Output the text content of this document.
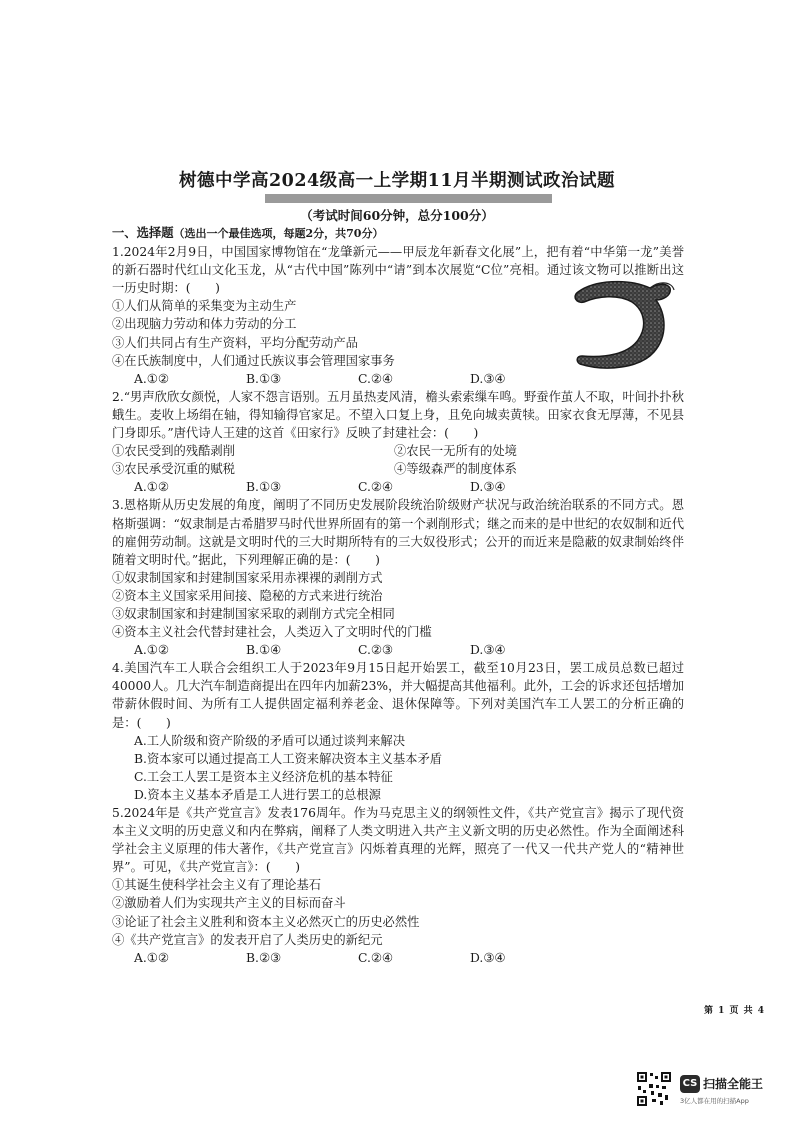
树德中学高2024级高一上学期11月半期测试政治试题
（考试时间60分钟，总分100分）

一、选择题（选出一个最佳选项，每题2分，共70分）

1.2024年2月9日，中国国家博物馆在“龙肇新元——甲辰龙年新春文化展”上，把有着“中华第一龙”美誉的新石器时代红山文化玉龙，从“古代中国”陈列中“请”到本次展览“C位”亮相。通过该文物可以推断出这一历史时期：(　　)

①人们从简单的采集变为主动生产

②出现脑力劳动和体力劳动的分工

③人们共同占有生产资料，平均分配劳动产品

④在氏族制度中，人们通过氏族议事会管理国家事务

A.①②	B.①③	C.②④	D.③④

2.“男声欣欣女颜悦，人家不怨言语别。五月虽热麦风清，檐头索索缫车鸣。野蚕作茧人不取，叶间扑扑秋蛾生。麦收上场绢在轴，得知输得官家足。不望入口复上身，且免向城卖黄犊。田家衣食无厚薄，不见县门身即乐。”唐代诗人王建的这首《田家行》反映了封建社会：(　　)

①农民受到的残酷剥削	②农民一无所有的处境
③农民承受沉重的赋税	④等级森严的制度体系
A.①②	B.①③	C.②④	D.③④

3.恩格斯从历史发展的角度，阐明了不同历史发展阶段统治阶级财产状况与政治统治联系的不同方式。恩格斯强调：“奴隶制是古希腊罗马时代世界所固有的第一个剥削形式；继之而来的是中世纪的农奴制和近代的雇佣劳动制。这就是文明时代的三大时期所特有的三大奴役形式；公开的而近来是隐蔽的奴隶制始终伴随着文明时代。”据此，下列理解正确的是：(　　)

①奴隶制国家和封建制国家采用赤裸裸的剥削方式

②资本主义国家采用间接、隐秘的方式来进行统治

③奴隶制国家和封建制国家采取的剥削方式完全相同

④资本主义社会代替封建社会，人类迈入了文明时代的门槛

A.①②	B.①④	C.②③	D.③④

4.美国汽车工人联合会组织工人于2023年9月15日起开始罢工，截至10月23日，罢工成员总数已超过40000人。几大汽车制造商提出在四年内加薪23%，并大幅提高其他福利。此外，工会的诉求还包括增加带薪休假时间、为所有工人提供固定福利养老金、退休保障等。下列对美国汽车工人罢工的分析正确的是：(　　)

A.工人阶级和资产阶级的矛盾可以通过谈判来解决

B.资本家可以通过提高工人工资来解决资本主义基本矛盾

C.工会工人罢工是资本主义经济危机的基本特征

D.资本主义基本矛盾是工人进行罢工的总根源

5.2024年是《共产党宣言》发表176周年。作为马克思主义的纲领性文件，《共产党宣言》揭示了现代资本主义文明的历史意义和内在弊病，阐释了人类文明进入共产主义新文明的历史必然性。作为全面阐述科学社会主义原理的伟大著作，《共产党宣言》闪烁着真理的光辉，照亮了一代又一代共产党人的“精神世界”。可见，《共产党宣言》：(　　)

①其诞生使科学社会主义有了理论基石

②激励着人们为实现共产主义的目标而奋斗

③论证了社会主义胜利和资本主义必然灭亡的历史必然性

④《共产党宣言》的发表开启了人类历史的新纪元

A.①②	B.②③	C.②④	D.③④
第 1 页 共 4
CS 扫描全能王
3亿人都在用的扫描App
